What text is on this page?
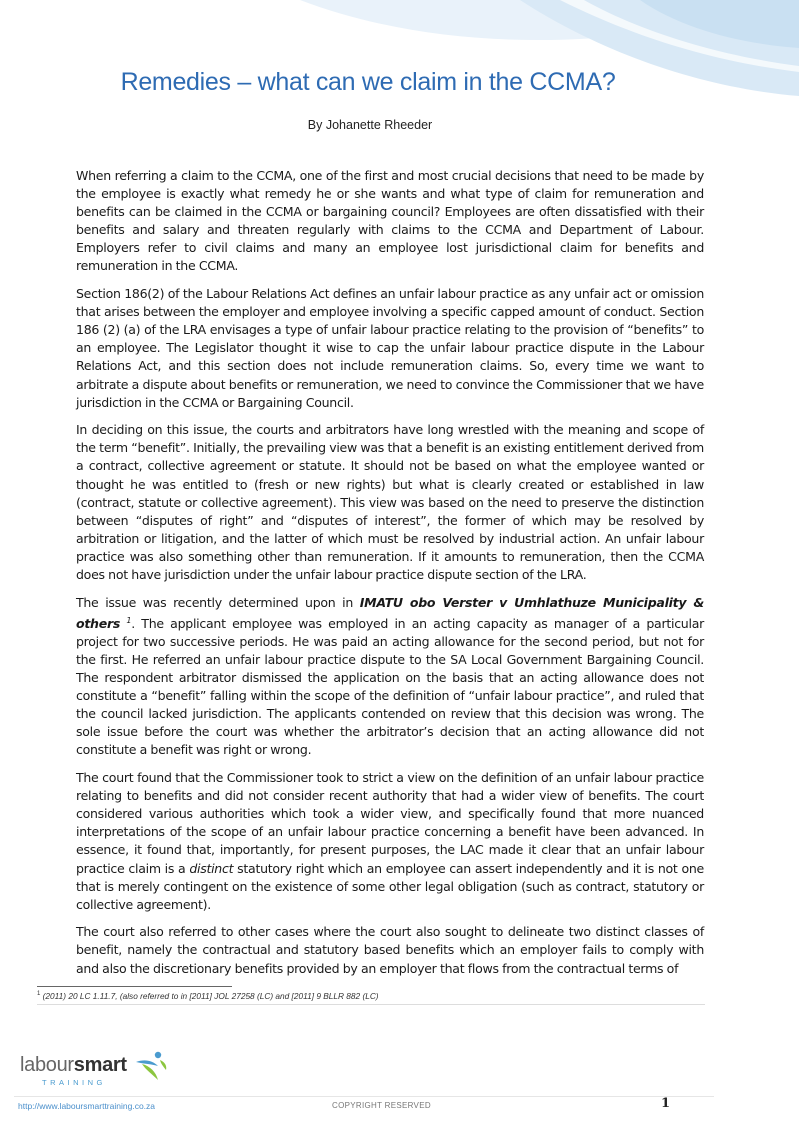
Remedies – what can we claim in the CCMA?
By Johanette Rheeder

When referring a claim to the CCMA, one of the first and most crucial decisions that need to be made by the employee is exactly what remedy he or she wants and what type of claim for remuneration and benefits can be claimed in the CCMA or bargaining council? Employees are often dissatisfied with their benefits and salary and threaten regularly with claims to the CCMA and Department of Labour. Employers refer to civil claims and many an employee lost jurisdictional claim for benefits and remuneration in the CCMA.

Section 186(2) of the Labour Relations Act defines an unfair labour practice as any unfair act or omission that arises between the employer and employee involving a specific capped amount of conduct. Section 186 (2) (a) of the LRA envisages a type of unfair labour practice relating to the provision of “benefits” to an employee. The Legislator thought it wise to cap the unfair labour practice dispute in the Labour Relations Act, and this section does not include remuneration claims. So, every time we want to arbitrate a dispute about benefits or remuneration, we need to convince the Commissioner that we have jurisdiction in the CCMA or Bargaining Council.

In deciding on this issue, the courts and arbitrators have long wrestled with the meaning and scope of the term “benefit”. Initially, the prevailing view was that a benefit is an existing entitlement derived from a contract, collective agreement or statute. It should not be based on what the employee wanted or thought he was entitled to (fresh or new rights) but what is clearly created or established in law (contract, statute or collective agreement). This view was based on the need to preserve the distinction between “disputes of right” and “disputes of interest”, the former of which may be resolved by arbitration or litigation, and the latter of which must be resolved by industrial action. An unfair labour practice was also something other than remuneration. If it amounts to remuneration, then the CCMA does not have jurisdiction under the unfair labour practice dispute section of the LRA.

The issue was recently determined upon in IMATU obo Verster v Umhlathuze Municipality & others $^1$. The applicant employee was employed in an acting capacity as manager of a particular project for two successive periods. He was paid an acting allowance for the second period, but not for the first. He referred an unfair labour practice dispute to the SA Local Government Bargaining Council. The respondent arbitrator dismissed the application on the basis that an acting allowance does not constitute a “benefit” falling within the scope of the definition of “unfair labour practice”, and ruled that the council lacked jurisdiction. The applicants contended on review that this decision was wrong. The sole issue before the court was whether the arbitrator’s decision that an acting allowance did not constitute a benefit was right or wrong.

The court found that the Commissioner took to strict a view on the definition of an unfair labour practice relating to benefits and did not consider recent authority that had a wider view of benefits. The court considered various authorities which took a wider view, and specifically found that more nuanced interpretations of the scope of an unfair labour practice concerning a benefit have been advanced. In essence, it found that, importantly, for present purposes, the LAC made it clear that an unfair labour practice claim is a distinct statutory right which an employee can assert independently and it is not one that is merely contingent on the existence of some other legal obligation (such as contract, statutory or collective agreement).

The court also referred to other cases where the court also sought to delineate two distinct classes of benefit, namely the contractual and statutory based benefits which an employer fails to comply with and also the discretionary benefits provided by an employer that flows from the contractual terms of

$^1$ (2011) 20 LC 1.11.7, (also referred to in [2011] JOL 27258 (LC) and [2011] 9 BLLR 882 (LC)
laboursmart
TRAINING
http://www.laboursmarttraining.co.za	COPYRIGHT RESERVED	1
